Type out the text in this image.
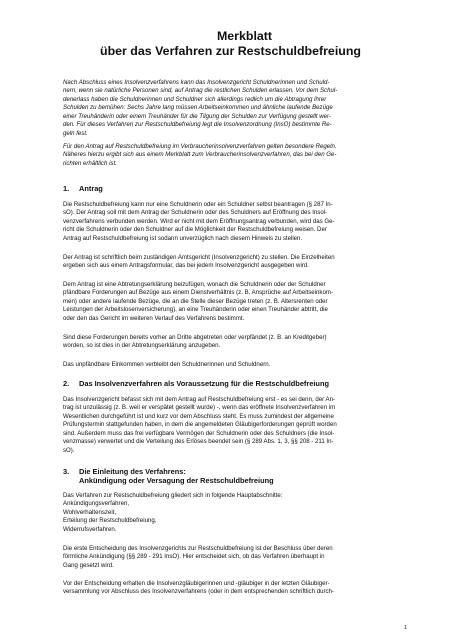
Merkblatt
über das Verfahren zur Restschuldbefreiung
Nach Abschluss eines Insolvenzverfahrens kann das Insolvenzgericht Schuldnerinnen und Schuld-
nern, wenn sie natürliche Personen sind, auf Antrag die restlichen Schulden erlassen. Vor dem Schul-
denerlass haben die Schuldnerinnen und Schuldner sich allerdings redlich um die Abtragung ihrer
Schulden zu bemühen: Sechs Jahre lang müssen Arbeitseinkommen und ähnliche laufende Bezüge
einer Treuhänderin oder einem Treuhänder für die Tilgung der Schulden zur Verfügung gestellt wer-
den. Für dieses Verfahren zur Restschuldbefreiung legt die Insolvenzordnung (InsO) bestimmte Re-
geln fest.
Für den Antrag auf Restschuldbefreiung im Verbraucherinsolvenzverfahren gelten besondere Regeln.
Näheres hierzu ergibt sich aus einem Merkblatt zum Verbraucherinsolvenzverfahren, das bei den Ge-
richten erhältlich ist.
1. Antrag
Die Restschuldbefreiung kann nur eine Schuldnerin oder ein Schuldner selbst beantragen (§ 287 In-
sO). Der Antrag soll mit dem Antrag der Schuldnerin oder des Schuldners auf Eröffnung des Insol-
venzverfahrens verbunden werden. Wird er nicht mit dem Eröffnungsantrag verbunden, wird das Ge-
richt die Schuldnerin oder den Schuldner auf die Möglichkeit der Restschuldbefreiung weisen. Der
Antrag auf Restschuldbefreiung ist sodann unverzüglich nach diesem Hinweis zu stellen.
Der Antrag ist schriftlich beim zuständigen Amtsgericht (Insolvenzgericht) zu stellen. Die Einzelheiten
ergeben sich aus einem Antragsformular, das bei jedem Insolvenzgericht ausgegeben wird.
Dem Antrag ist eine Abtretungserklärung beizufügen, wonach die Schuldnerin oder der Schuldner
pfändbare Forderungen auf Bezüge aus einem Dienstverhältnis (z. B. Ansprüche auf Arbeitseinkom-
men) oder andere laufende Bezüge, die an die Stelle dieser Bezüge treten (z. B. Altersrenten oder
Leistungen der Arbeitslosenversicherung), an eine Treuhänderin oder einen Treuhänder abtritt, die
oder den das Gericht im weiteren Verlauf des Verfahrens bestimmt.
Sind diese Forderungen bereits vorher an Dritte abgetreten oder verpfändet (z. B. an Kreditgeber)
worden, so ist dies in der Abtretungserklärung anzugeben.
Das unpfändbare Einkommen verbleibt den Schuldnerinnen und Schuldnern.
2. Das Insolvenzverfahren als Voraussetzung für die Restschuldbefreiung
Das Insolvenzgericht befasst sich mit dem Antrag auf Restschuldbefreiung erst - es sei denn, der An-
trag ist unzulässig (z. B. weil er verspätet gestellt wurde) -, wenn das eröffnete Insolvenzverfahren im
Wesentlichen durchgeführt ist und kurz vor dem Abschluss steht. Es muss zumindest der allgemeine
Prüfungstermin stattgefunden haben, in dem die angemeldeten Gläubigerforderungen geprüft worden
sind. Außerdem muss das frei verfügbare Vermögen der Schuldnerin oder des Schuldners (die Insol-
venzmasse) verwertet und die Verteilung des Erlöses beendet sein (§ 289 Abs. 1, 3, §§ 208 - 211 In-
sO).
3. Die Einleitung des Verfahrens:
Ankündigung oder Versagung der Restschuldbefreiung
Das Verfahren zur Restschuldbefreiung gliedert sich in folgende Hauptabschnitte:
Ankündigungsverfahren,
Wohlverhaltenszeit,
Erteilung der Restschuldbefreiung,
Widerrufsverfahren.
Die erste Entscheidung des Insolvenzgerichts zur Restschuldbefreiung ist der Beschluss über deren
förmliche Ankündigung (§§ 289 - 291 InsO). Hier entscheidet sich, ob das Verfahren überhaupt in
Gang gesetzt wird.
Vor der Entscheidung erhalten die Insolvenzgläubigerinnen und -gläubiger in der letzten Gläubiger-
versammlung vor Abschluss des Insolvenzverfahrens (oder in dem entsprechenden schriftlich durch-
1
